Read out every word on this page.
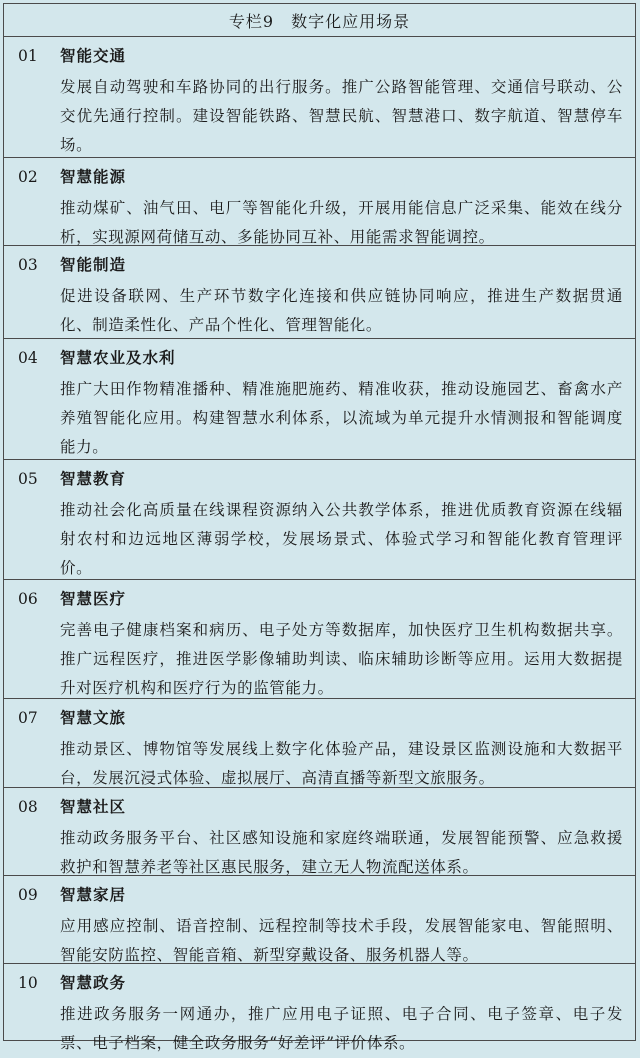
专栏9　数字化应用场景
01	智能交通
发展自动驾驶和车路协同的出行服务。推广公路智能管理、交通信号联动、公交优先通行控制。建设智能铁路、智慧民航、智慧港口、数字航道、智慧停车场。
02	智慧能源
推动煤矿、油气田、电厂等智能化升级，开展用能信息广泛采集、能效在线分析，实现源网荷储互动、多能协同互补、用能需求智能调控。
03	智能制造
促进设备联网、生产环节数字化连接和供应链协同响应，推进生产数据贯通化、制造柔性化、产品个性化、管理智能化。
04	智慧农业及水利
推广大田作物精准播种、精准施肥施药、精准收获，推动设施园艺、畜禽水产养殖智能化应用。构建智慧水利体系，以流域为单元提升水情测报和智能调度能力。
05	智慧教育
推动社会化高质量在线课程资源纳入公共教学体系，推进优质教育资源在线辐射农村和边远地区薄弱学校，发展场景式、体验式学习和智能化教育管理评价。
06	智慧医疗
完善电子健康档案和病历、电子处方等数据库，加快医疗卫生机构数据共享。推广远程医疗，推进医学影像辅助判读、临床辅助诊断等应用。运用大数据提升对医疗机构和医疗行为的监管能力。
07	智慧文旅
推动景区、博物馆等发展线上数字化体验产品，建设景区监测设施和大数据平台，发展沉浸式体验、虚拟展厅、高清直播等新型文旅服务。
08	智慧社区
推动政务服务平台、社区感知设施和家庭终端联通，发展智能预警、应急救援救护和智慧养老等社区惠民服务，建立无人物流配送体系。
09	智慧家居
应用感应控制、语音控制、远程控制等技术手段，发展智能家电、智能照明、智能安防监控、智能音箱、新型穿戴设备、服务机器人等。
10	智慧政务
推进政务服务一网通办，推广应用电子证照、电子合同、电子签章、电子发票、电子档案，健全政务服务“好差评”评价体系。
